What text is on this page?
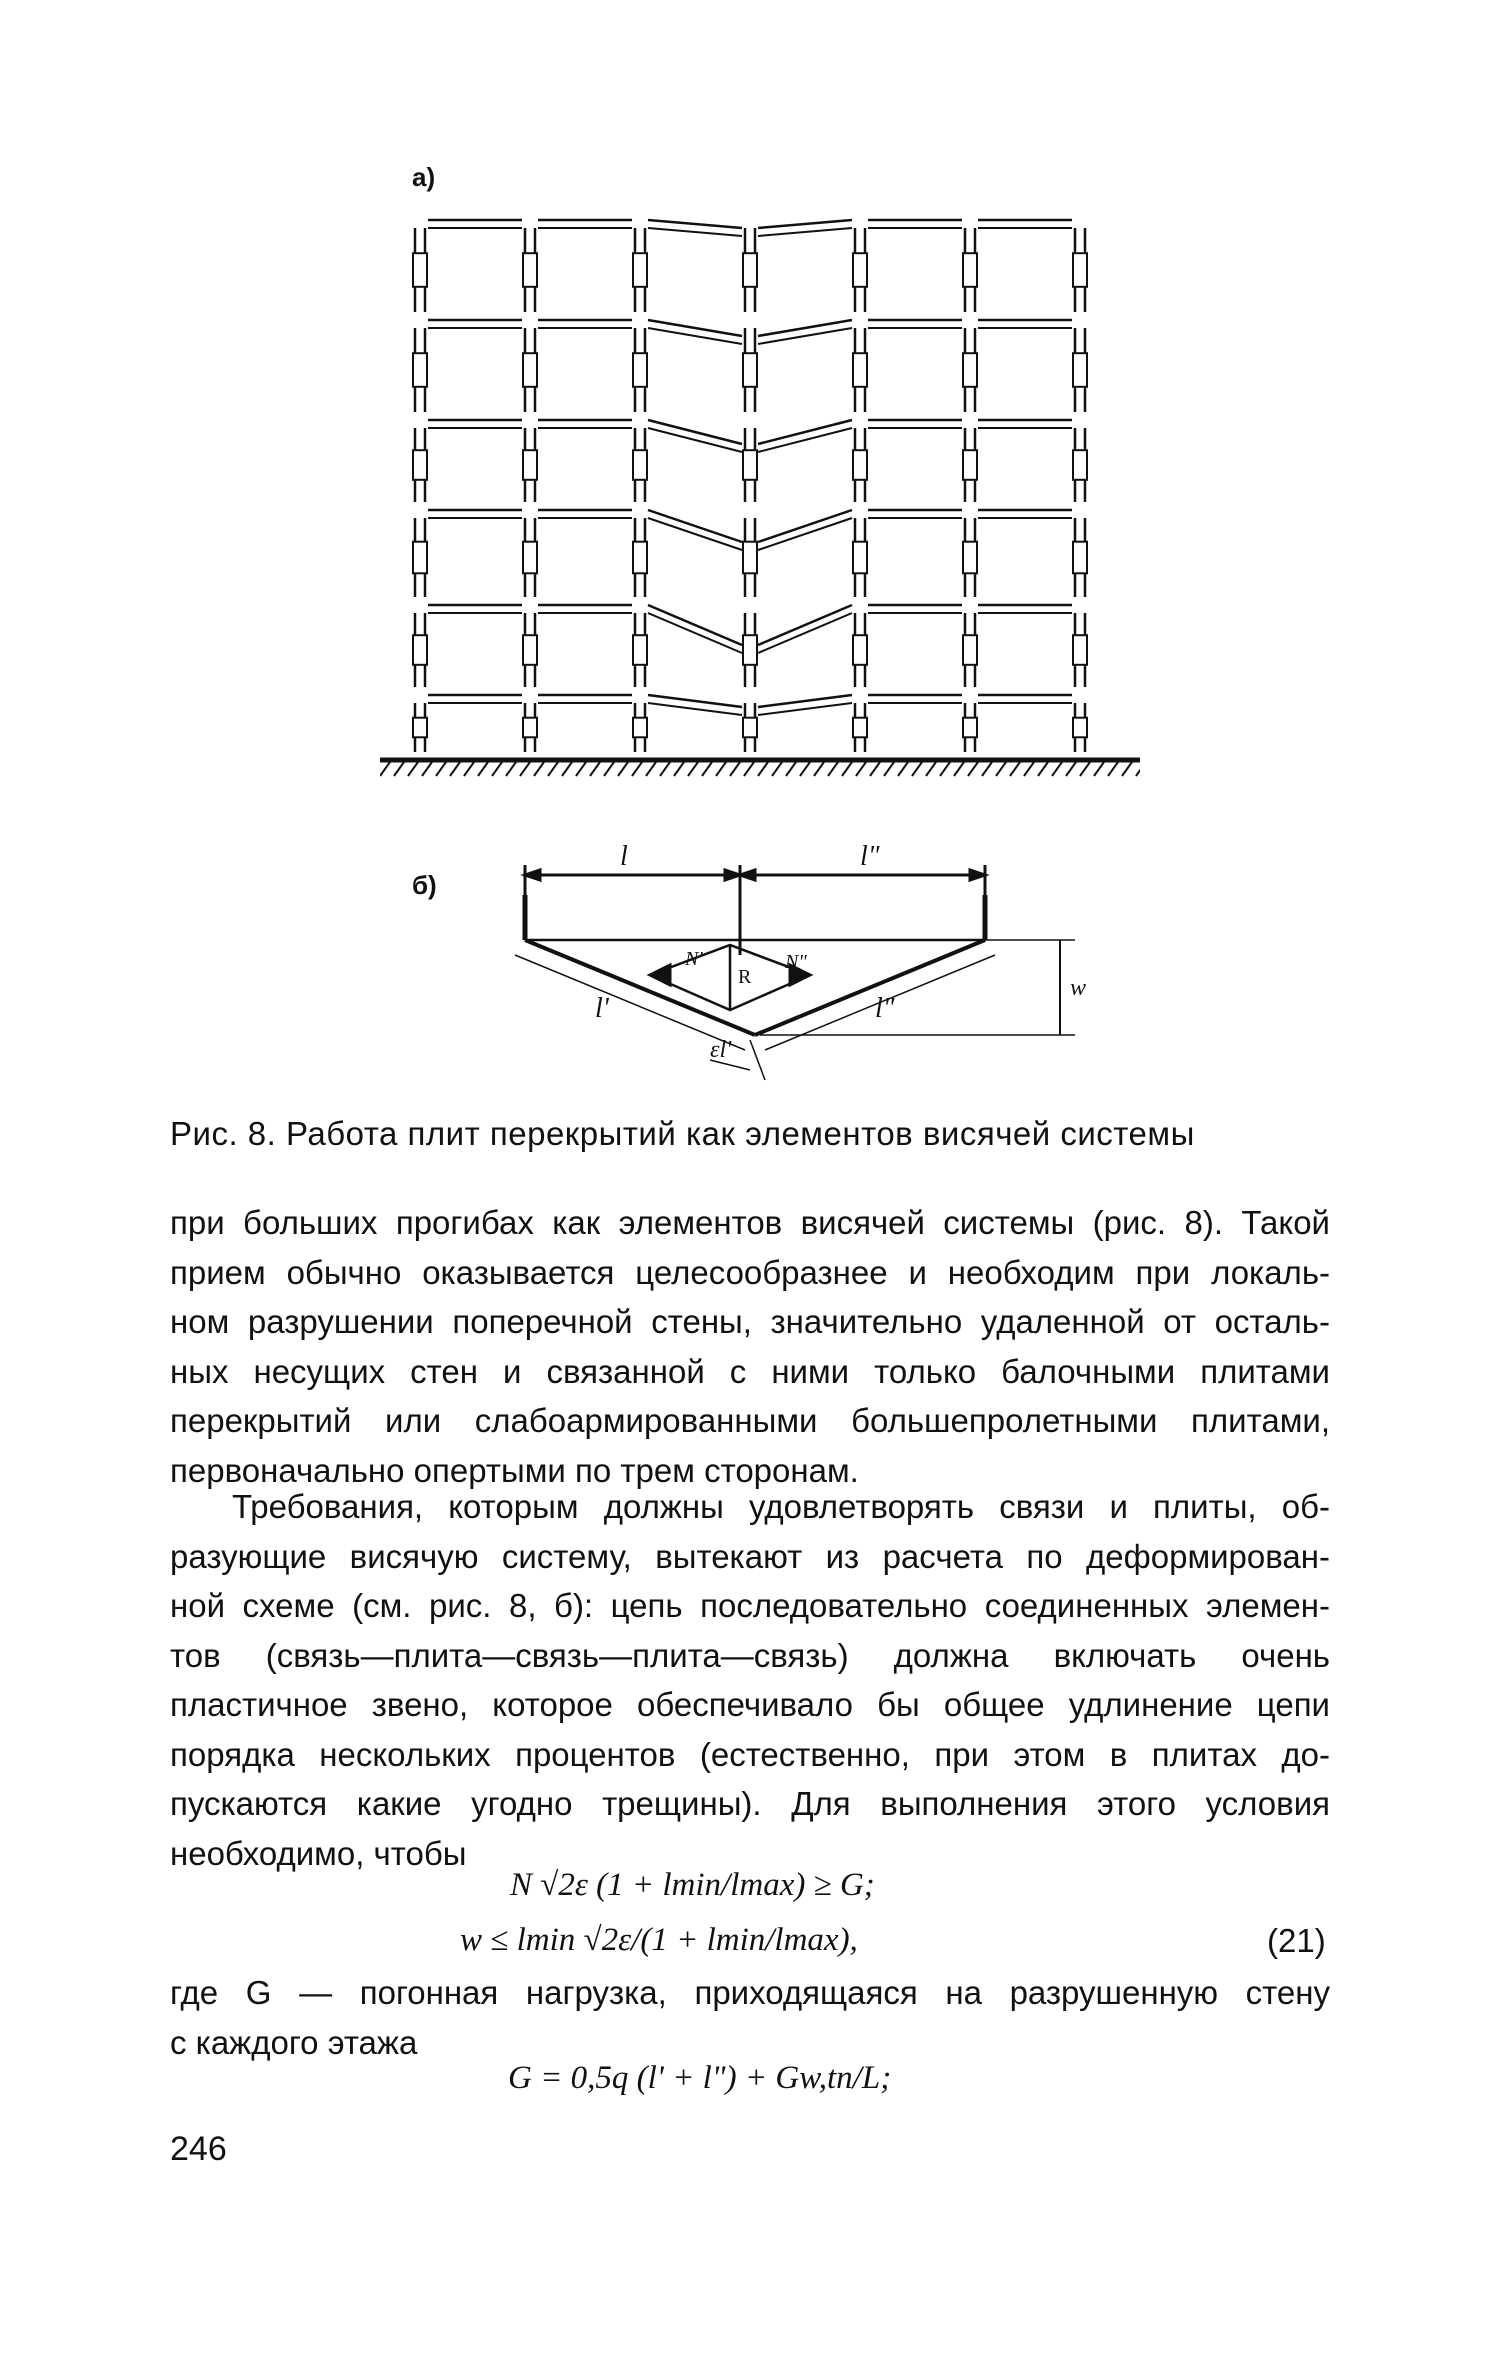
а)
б)
l	l"
N'
R
N"
l'	l"
εl'
w
Рис. 8. Работа плит перекрытий как элементов висячей системы
при больших прогибах как элементов висячей системы (рис. 8). Такой
прием обычно оказывается целесообразнее и необходим при локаль-
ном разрушении поперечной стены, значительно удаленной от осталь-
ных несущих стен и связанной с ними только балочными плитами
перекрытий или слабоармированными большепролетными плитами,
первоначально опертыми по трем сторонам.
Требования, которым должны удовлетворять связи и плиты, об-
разующие висячую систему, вытекают из расчета по деформирован-
ной схеме (см. рис. 8, б): цепь последовательно соединенных элемен-
тов (связь—плита—связь—плита—связь) должна включать очень
пластичное звено, которое обеспечивало бы общее удлинение цепи
порядка нескольких процентов (естественно, при этом в плитах до-
пускаются какие угодно трещины). Для выполнения этого условия
необходимо, чтобы
N √2ε (1 + lmin/lmax) ≥ G;
w ≤ lmin √2ε/(1 + lmin/lmax),	(21)
где G — погонная нагрузка, приходящаяся на разрушенную стену
с каждого этажа
G = 0,5q (l' + l") + Gw,tn/L;
246
